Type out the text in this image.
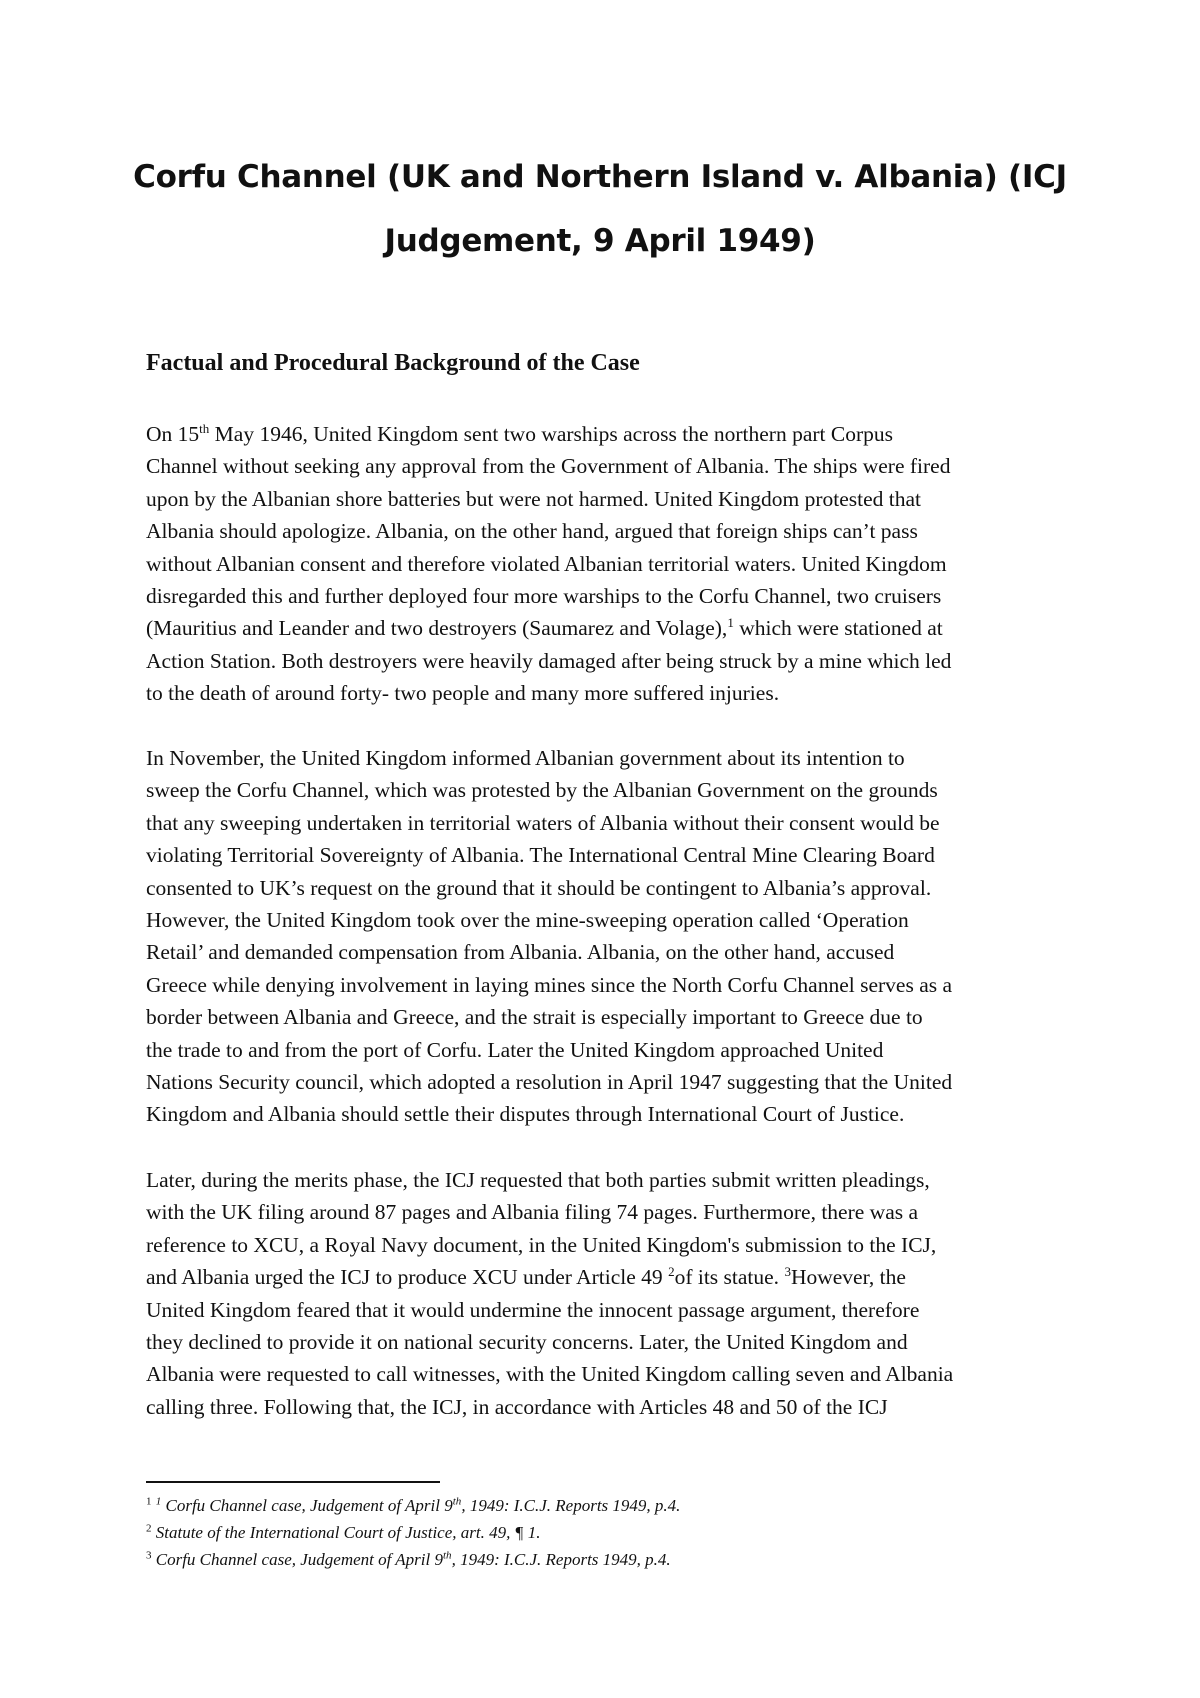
Corfu Channel (UK and Northern Island v. Albania) (ICJ
Judgement, 9 April 1949)
Factual and Procedural Background of the Case

On 15th May 1946, United Kingdom sent two warships across the northern part Corpus
Channel without seeking any approval from the Government of Albania. The ships were fired
upon by the Albanian shore batteries but were not harmed. United Kingdom protested that
Albania should apologize. Albania, on the other hand, argued that foreign ships can’t pass
without Albanian consent and therefore violated Albanian territorial waters. United Kingdom
disregarded this and further deployed four more warships to the Corfu Channel, two cruisers
(Mauritius and Leander and two destroyers (Saumarez and Volage),$^1$ which were stationed at
Action Station. Both destroyers were heavily damaged after being struck by a mine which led
to the death of around forty- two people and many more suffered injuries.

In November, the United Kingdom informed Albanian government about its intention to
sweep the Corfu Channel, which was protested by the Albanian Government on the grounds
that any sweeping undertaken in territorial waters of Albania without their consent would be
violating Territorial Sovereignty of Albania. The International Central Mine Clearing Board
consented to UK’s request on the ground that it should be contingent to Albania’s approval.
However, the United Kingdom took over the mine-sweeping operation called ‘Operation
Retail’ and demanded compensation from Albania. Albania, on the other hand, accused
Greece while denying involvement in laying mines since the North Corfu Channel serves as a
border between Albania and Greece, and the strait is especially important to Greece due to
the trade to and from the port of Corfu. Later the United Kingdom approached United
Nations Security council, which adopted a resolution in April 1947 suggesting that the United
Kingdom and Albania should settle their disputes through International Court of Justice.

Later, during the merits phase, the ICJ requested that both parties submit written pleadings,
with the UK filing around 87 pages and Albania filing 74 pages. Furthermore, there was a
reference to XCU, a Royal Navy document, in the United Kingdom's submission to the ICJ,
and Albania urged the ICJ to produce XCU under Article 49 $^2$of its statue. $^3$However, the
United Kingdom feared that it would undermine the innocent passage argument, therefore
they declined to provide it on national security concerns. Later, the United Kingdom and
Albania were requested to call witnesses, with the United Kingdom calling seven and Albania
calling three. Following that, the ICJ, in accordance with Articles 48 and 50 of the ICJ

$^1$ $^1$ Corfu Channel case, Judgement of April 9th, 1949: I.C.J. Reports 1949, p.4.
$^2$ Statute of the International Court of Justice, art. 49, ¶ 1.
$^3$ Corfu Channel case, Judgement of April 9th, 1949: I.C.J. Reports 1949, p.4.
